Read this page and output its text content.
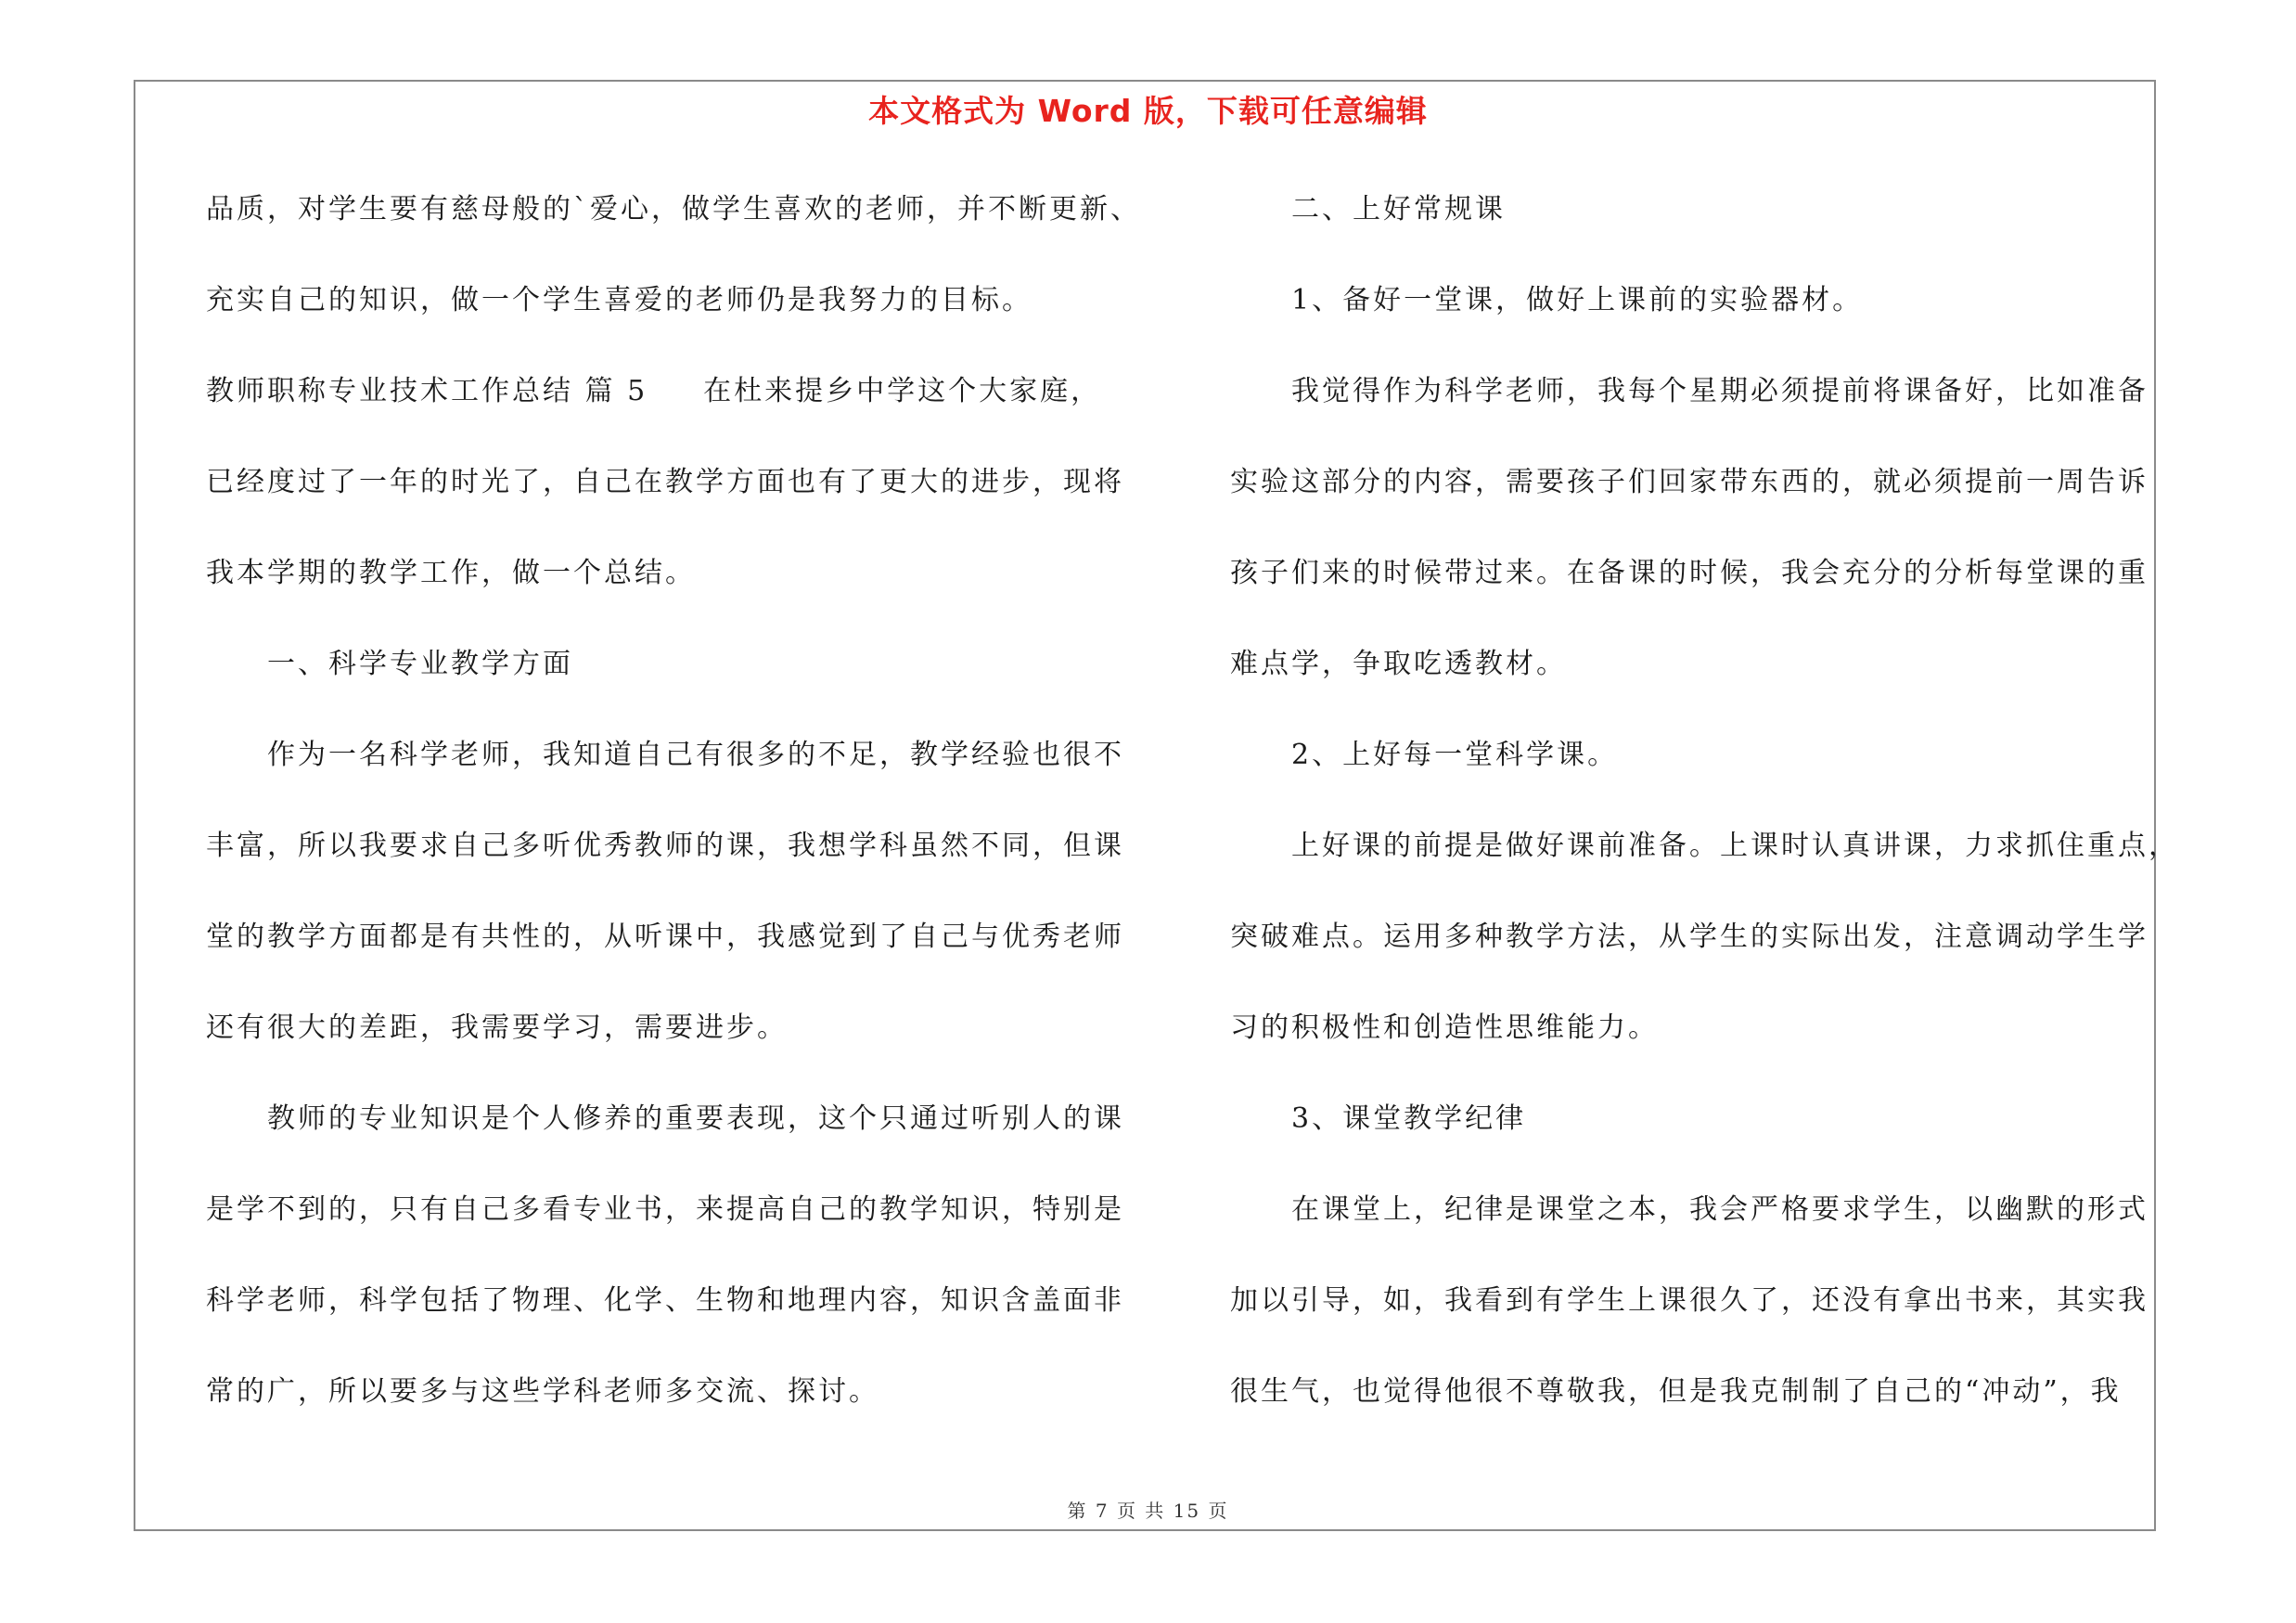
本文格式为 Word 版，下载可任意编辑
品质，对学生要有慈母般的`爱心，做学生喜欢的老师，并不断更新、
充实自己的知识，做一个学生喜爱的老师仍是我努力的目标。
教师职称专业技术工作总结 篇 5 在杜来提乡中学这个大家庭，
已经度过了一年的时光了，自己在教学方面也有了更大的进步，现将
我本学期的教学工作，做一个总结。
一、科学专业教学方面
作为一名科学老师，我知道自己有很多的不足，教学经验也很不
丰富，所以我要求自己多听优秀教师的课，我想学科虽然不同，但课
堂的教学方面都是有共性的，从听课中，我感觉到了自己与优秀老师
还有很大的差距，我需要学习，需要进步。
教师的专业知识是个人修养的重要表现，这个只通过听别人的课
是学不到的，只有自己多看专业书，来提高自己的教学知识，特别是
科学老师，科学包括了物理、化学、生物和地理内容，知识含盖面非
常的广，所以要多与这些学科老师多交流、探讨。
二、上好常规课
1、备好一堂课，做好上课前的实验器材。
我觉得作为科学老师，我每个星期必须提前将课备好，比如准备
实验这部分的内容，需要孩子们回家带东西的，就必须提前一周告诉
孩子们来的时候带过来。在备课的时候，我会充分的分析每堂课的重
难点学，争取吃透教材。
2、上好每一堂科学课。
上好课的前提是做好课前准备。上课时认真讲课，力求抓住重点，
突破难点。运用多种教学方法，从学生的实际出发，注意调动学生学
习的积极性和创造性思维能力。
3、课堂教学纪律
在课堂上，纪律是课堂之本，我会严格要求学生，以幽默的形式
加以引导，如，我看到有学生上课很久了，还没有拿出书来，其实我
很生气，也觉得他很不尊敬我，但是我克制制了自己的“冲动”，我
第 7 页 共 15 页
